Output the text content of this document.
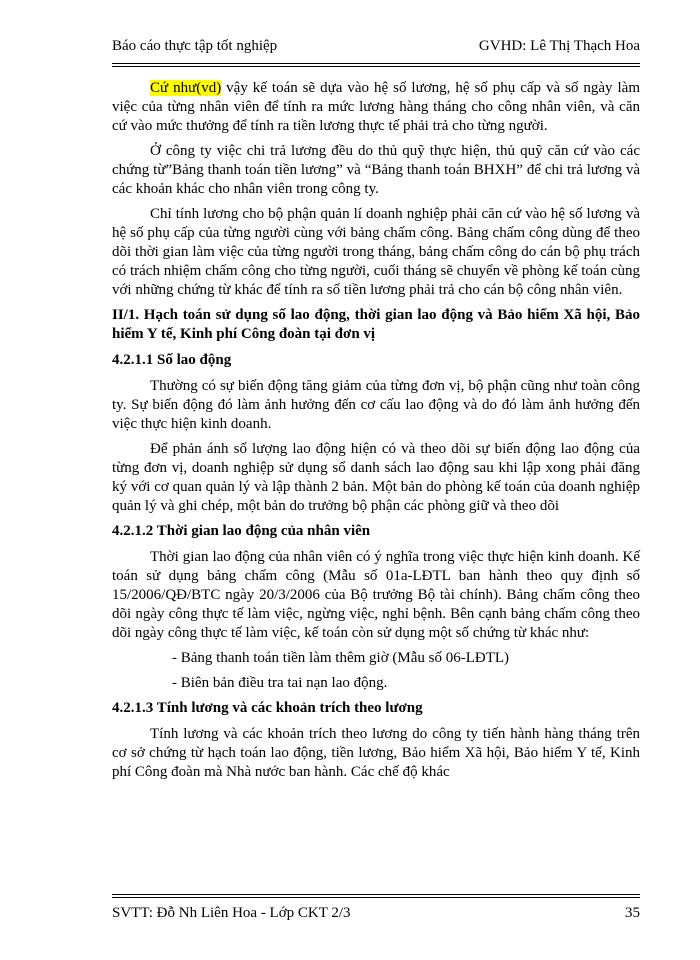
Báo cáo thực tập tốt nghiệp	GVHD: Lê Thị Thạch Hoa

Cứ như(vd) vậy kế toán sẽ dựa vào hệ số lương, hệ số phụ cấp và số ngày làm việc của từng nhân viên để tính ra mức lương hàng tháng cho công nhân viên, và căn cứ vào mức thưởng để tính ra tiền lương thực tế phải trả cho từng người.

Ở công ty việc chi trả lương đều do thủ quỹ thực hiện, thủ quỹ căn cứ vào các chứng từ”Bảng thanh toán tiền lương” và “Bảng thanh toán BHXH” để chi trả lương và các khoản khác cho nhân viên trong công ty.

Chỉ tính lương cho bộ phận quản lí doanh nghiệp phải căn cứ vào hệ số lương và hệ số phụ cấp của từng người cùng với bảng chấm công. Bảng chấm công dùng để theo dõi thời gian làm việc của từng người trong tháng, bảng chấm công do cán bộ phụ trách có trách nhiệm chấm công cho từng người, cuối tháng sẽ chuyển về phòng kế toán cùng với những chứng từ khác để tính ra số tiền lương phải trả cho cán bộ công nhân viên.

II/1. Hạch toán sử dụng số lao động, thời gian lao động và Bảo hiểm Xã hội, Bảo hiểm Y tế, Kinh phí Công đoàn tại đơn vị
4.2.1.1 Số lao động

Thường có sự biến động tăng giảm của từng đơn vị, bộ phận cũng như toàn công ty. Sự biến động đó làm ảnh hưởng đến cơ cấu lao động và do đó làm ảnh hưởng đến việc thực hiện kinh doanh.

Để phản ánh số lượng lao động hiện có và theo dõi sự biến động lao động của từng đơn vị, doanh nghiệp sử dụng sổ danh sách lao động sau khi lập xong phải đăng ký với cơ quan quản lý và lập thành 2 bản. Một bản do phòng kế toán của doanh nghiệp quản lý và ghi chép, một bản do trưởng bộ phận các phòng giữ và theo dõi

4.2.1.2 Thời gian lao động của nhân viên

Thời gian lao động của nhân viên có ý nghĩa trong việc thực hiện kinh doanh. Kế toán sử dụng bảng chấm công (Mẫu số 01a-LĐTL ban hành theo quy định số 15/2006/QĐ/BTC ngày 20/3/2006 của Bộ trưởng Bộ tài chính). Bảng chấm công theo dõi ngày công thực tế làm việc, ngừng việc, nghỉ bệnh. Bên cạnh bảng chấm công theo dõi ngày công thực tế làm việc, kế toán còn sử dụng một số chứng từ khác như:

- Bảng thanh toán tiền làm thêm giờ (Mẫu số 06-LĐTL)
- Biên bản điều tra tai nạn lao động.
4.2.1.3 Tính lương và các khoản trích theo lương

Tính lương và các khoản trích theo lương do công ty tiến hành hàng tháng trên cơ sở chứng từ hạch toán lao động, tiền lương, Bảo hiểm Xã hội, Bảo hiểm Y tế, Kinh phí Công đoàn mà Nhà nước ban hành. Các chế độ khác

SVTT: Đỗ Nh Liên Hoa - Lớp CKT 2/3	35
